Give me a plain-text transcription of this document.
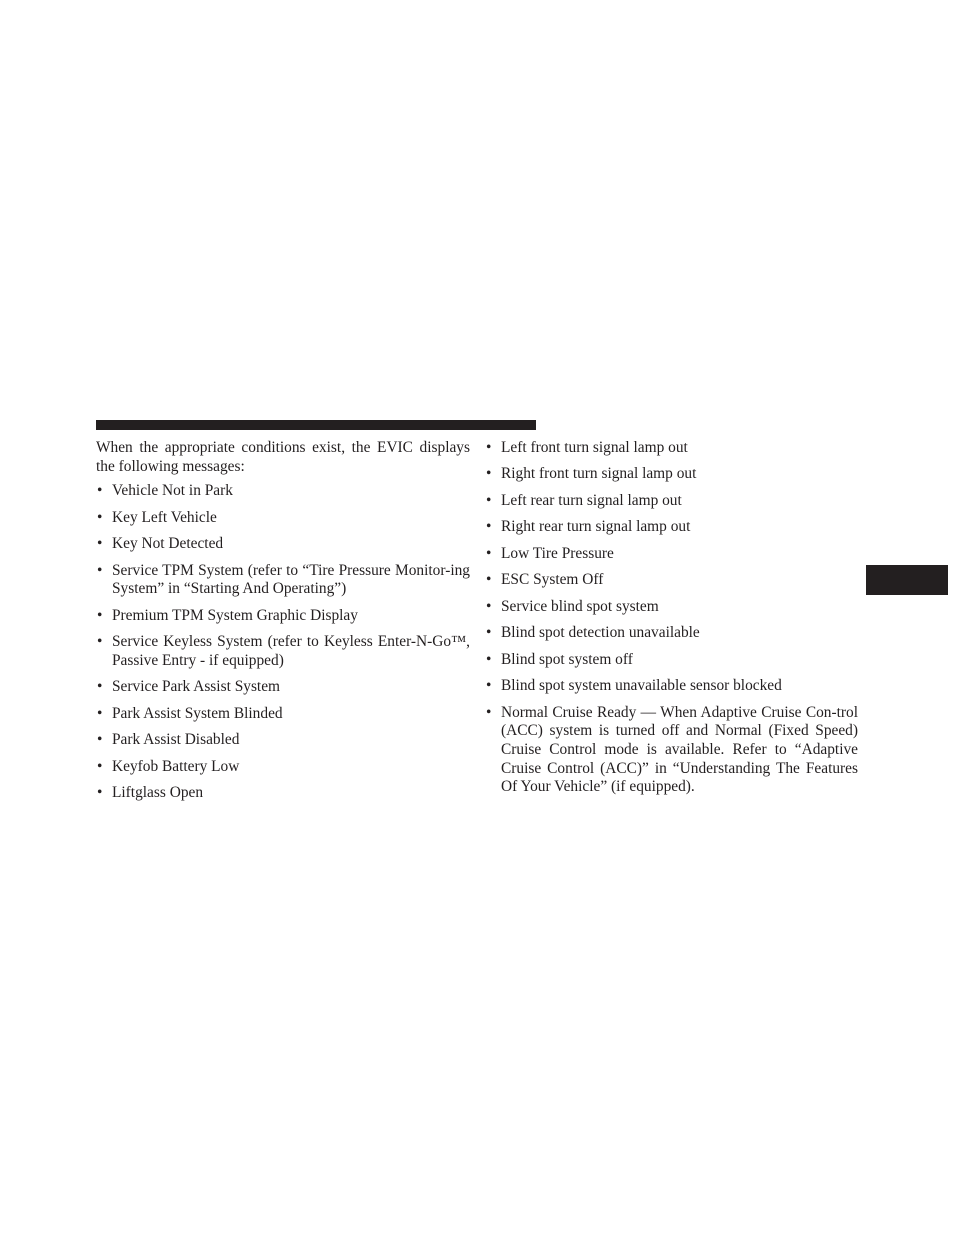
When the appropriate conditions exist, the EVIC displays the following messages:

• Vehicle Not in Park
• Key Left Vehicle
• Key Not Detected
• Service TPM System (refer to “Tire Pressure Monitor-ing System” in “Starting And Operating”)
• Premium TPM System Graphic Display
• Service Keyless System (refer to Keyless Enter-N-Go™, Passive Entry - if equipped)
• Service Park Assist System
• Park Assist System Blinded
• Park Assist Disabled
• Keyfob Battery Low
• Liftglass Open
• Left front turn signal lamp out
• Right front turn signal lamp out
• Left rear turn signal lamp out
• Right rear turn signal lamp out
• Low Tire Pressure
• ESC System Off
• Service blind spot system
• Blind spot detection unavailable
• Blind spot system off
• Blind spot system unavailable sensor blocked
• Normal Cruise Ready — When Adaptive Cruise Con-trol (ACC) system is turned off and Normal (Fixed Speed) Cruise Control mode is available. Refer to “Adaptive Cruise Control (ACC)” in “Understanding The Features Of Your Vehicle” (if equipped).
